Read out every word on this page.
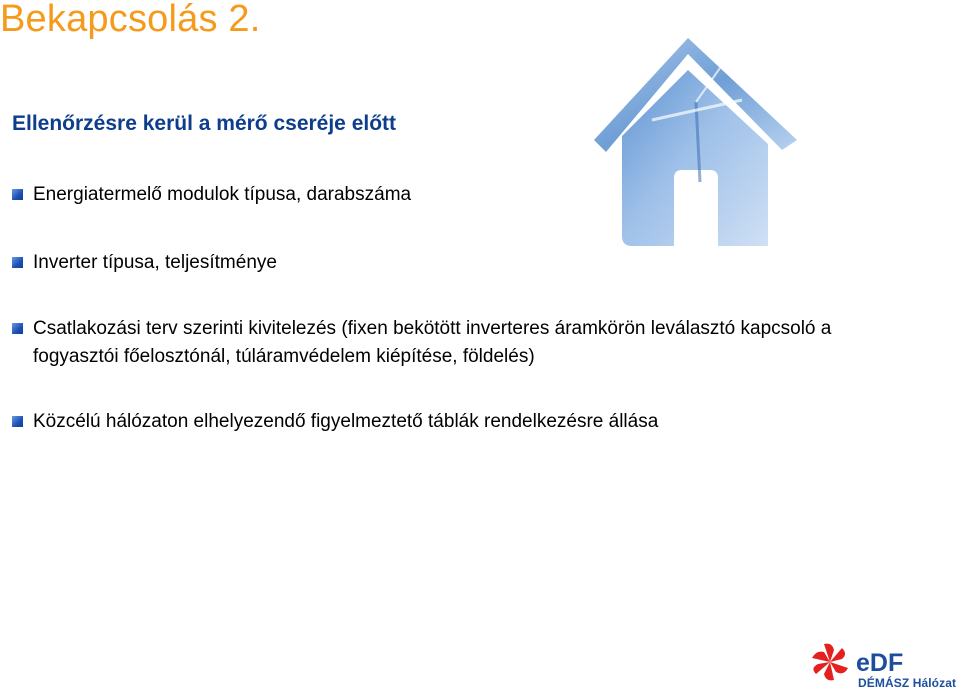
Bekapcsolás 2.
Ellenőrzésre kerül a mérő cseréje előtt
Energiatermelő modulok típusa, darabszáma
Inverter típusa, teljesítménye
Csatlakozási terv szerinti kivitelezés (fixen bekötött inverteres áramkörön leválasztó kapcsoló a fogyasztói főelosztónál, túláramvédelem kiépítése, földelés)
Közcélú hálózaton elhelyezendő figyelmeztető táblák rendelkezésre állása
eDF
DÉMÁSZ Hálózat
